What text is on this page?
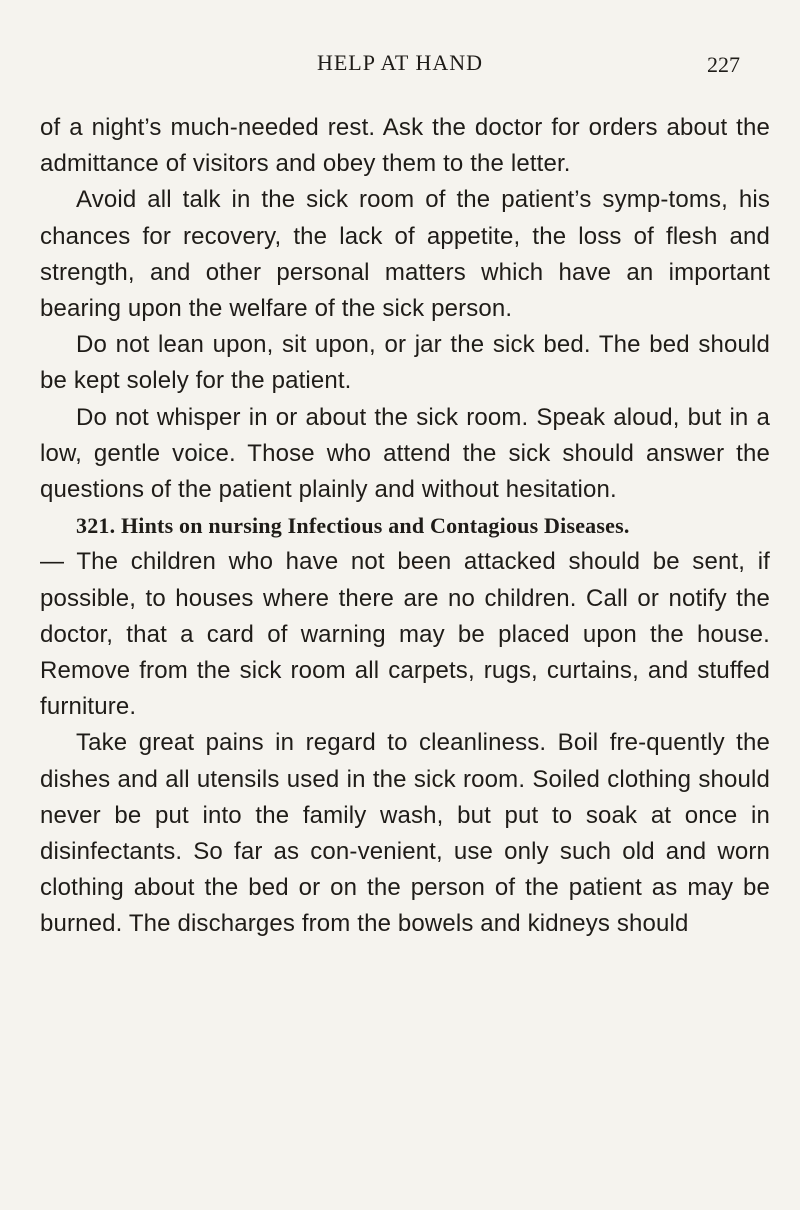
HELP AT HAND	227

of a night’s much-needed rest. Ask the doctor for orders about the admittance of visitors and obey them to the letter.

Avoid all talk in the sick room of the patient’s symp-toms, his chances for recovery, the lack of appetite, the loss of flesh and strength, and other personal matters which have an important bearing upon the welfare of the sick person.

Do not lean upon, sit upon, or jar the sick bed. The bed should be kept solely for the patient.

Do not whisper in or about the sick room. Speak aloud, but in a low, gentle voice. Those who attend the sick should answer the questions of the patient plainly and without hesitation.

321. Hints on nursing Infectious and Contagious Diseases.
— The children who have not been attacked should be sent, if possible, to houses where there are no children. Call or notify the doctor, that a card of warning may be placed upon the house. Remove from the sick room all carpets, rugs, curtains, and stuffed furniture.

Take great pains in regard to cleanliness. Boil fre-quently the dishes and all utensils used in the sick room. Soiled clothing should never be put into the family wash, but put to soak at once in disinfectants. So far as con-venient, use only such old and worn clothing about the bed or on the person of the patient as may be burned. The discharges from the bowels and kidneys should
